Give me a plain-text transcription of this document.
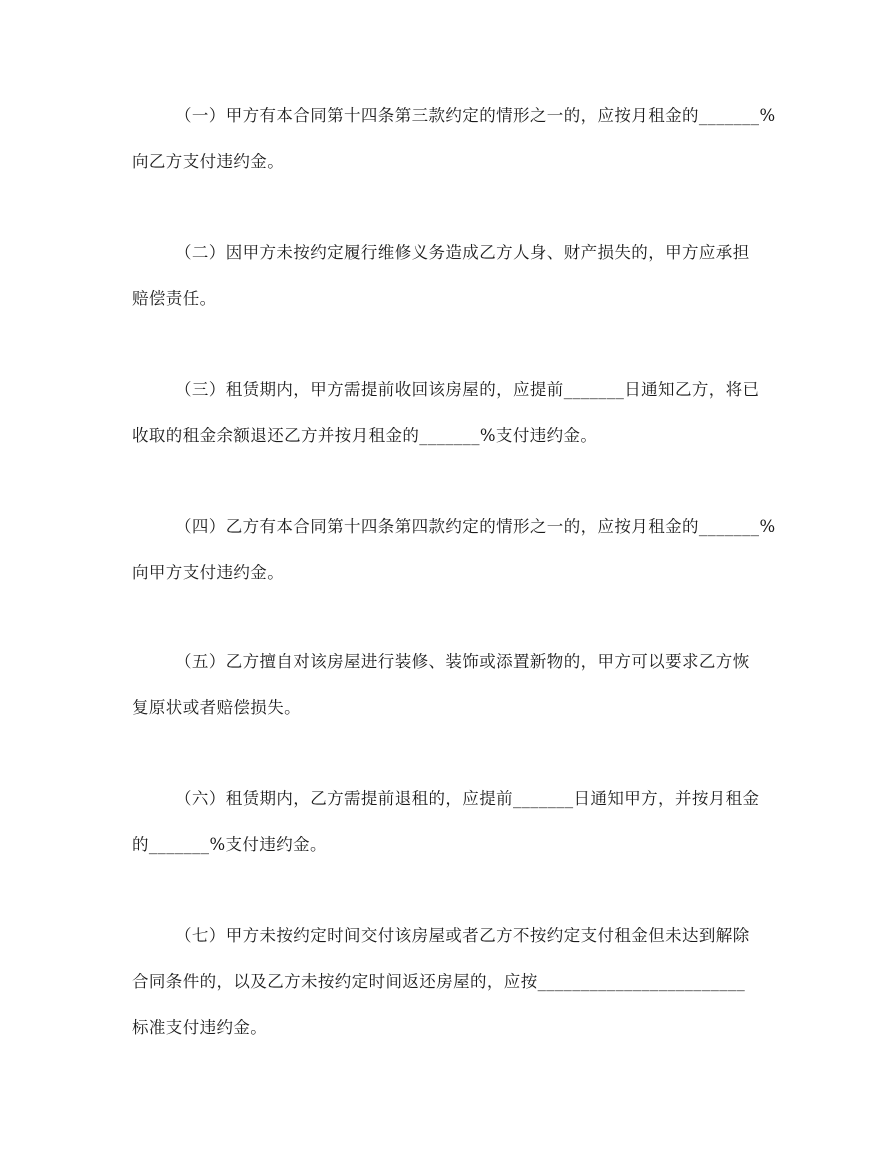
（一）甲方有本合同第十四条第三款约定的情形之一的，应按月租金的_______%
向乙方支付违约金。
（二）因甲方未按约定履行维修义务造成乙方人身、财产损失的，甲方应承担
赔偿责任。
（三）租赁期内，甲方需提前收回该房屋的，应提前_______日通知乙方，将已
收取的租金余额退还乙方并按月租金的_______%支付违约金。
（四）乙方有本合同第十四条第四款约定的情形之一的，应按月租金的_______%
向甲方支付违约金。
（五）乙方擅自对该房屋进行装修、装饰或添置新物的，甲方可以要求乙方恢
复原状或者赔偿损失。
（六）租赁期内，乙方需提前退租的，应提前_______日通知甲方，并按月租金
的_______%支付违约金。
（七）甲方未按约定时间交付该房屋或者乙方不按约定支付租金但未达到解除
合同条件的，以及乙方未按约定时间返还房屋的，应按________________________
标准支付违约金。
